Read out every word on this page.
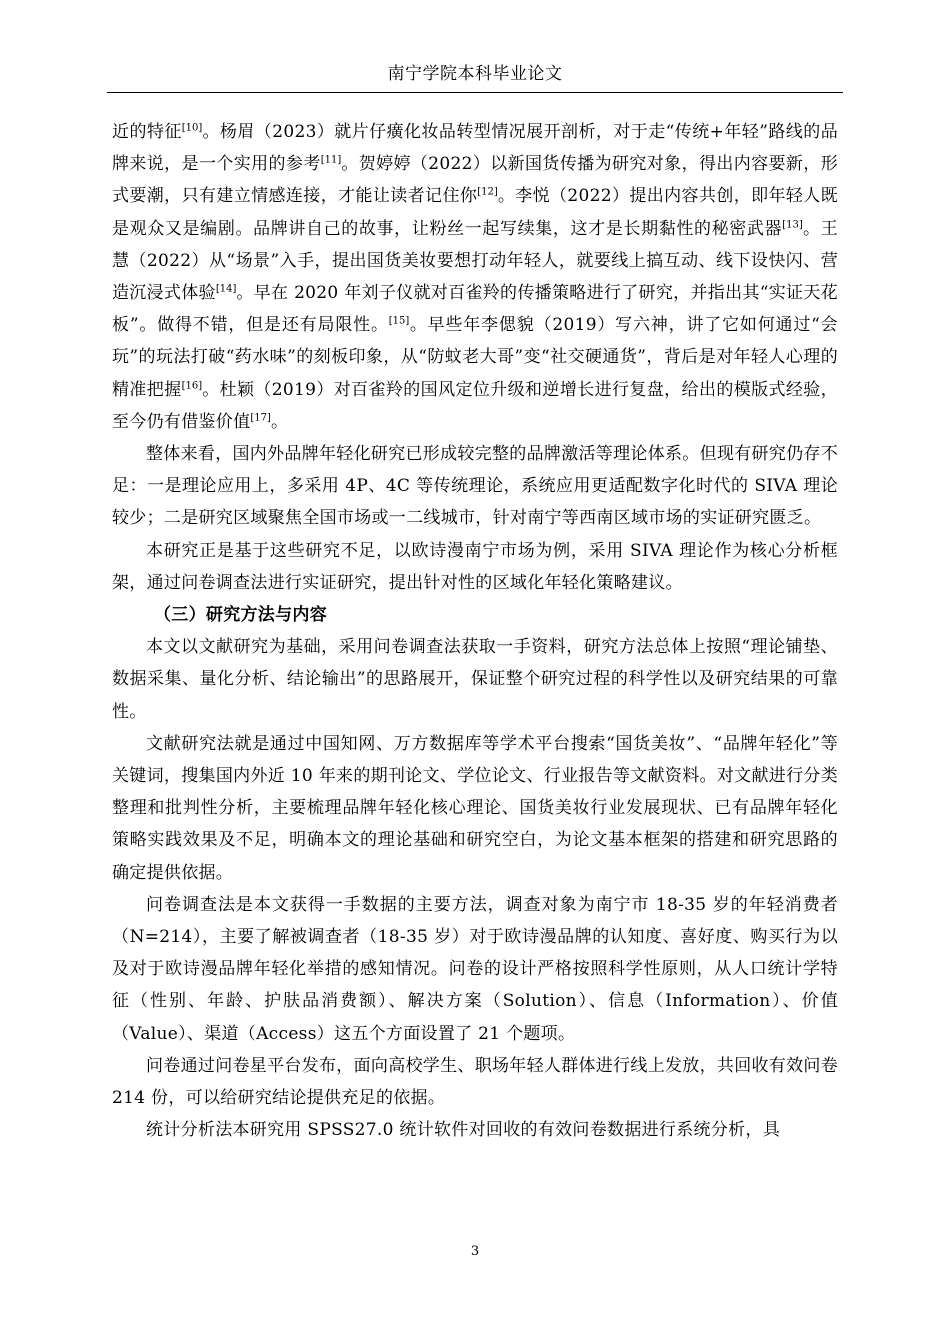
南宁学院本科毕业论文

近的特征[10]。杨眉（2023）就片仔癀化妆品转型情况展开剖析，对于走“传统+年轻”路线的品牌来说，是一个实用的参考[11]。贺婷婷（2022）以新国货传播为研究对象，得出内容要新，形式要潮，只有建立情感连接，才能让读者记住你[12]。李悦（2022）提出内容共创，即年轻人既是观众又是编剧。品牌讲自己的故事，让粉丝一起写续集，这才是长期黏性的秘密武器[13]。王慧（2022）从“场景”入手，提出国货美妆要想打动年轻人，就要线上搞互动、线下设快闪、营造沉浸式体验[14]。早在 2020 年刘子仪就对百雀羚的传播策略进行了研究，并指出其“实证天花板”。做得不错，但是还有局限性。[15]。早些年李偲貌（2019）写六神，讲了它如何通过“会玩”的玩法打破“药水味”的刻板印象，从“防蚊老大哥”变“社交硬通货”，背后是对年轻人心理的精准把握[16]。杜颖（2019）对百雀羚的国风定位升级和逆增长进行复盘，给出的模版式经验，至今仍有借鉴价值[17]。

整体来看，国内外品牌年轻化研究已形成较完整的品牌激活等理论体系。但现有研究仍存不足：一是理论应用上，多采用 4P、4C 等传统理论，系统应用更适配数字化时代的 SIVA 理论较少；二是研究区域聚焦全国市场或一二线城市，针对南宁等西南区域市场的实证研究匮乏。

本研究正是基于这些研究不足，以欧诗漫南宁市场为例，采用 SIVA 理论作为核心分析框架，通过问卷调查法进行实证研究，提出针对性的区域化年轻化策略建议。

（三）研究方法与内容

本文以文献研究为基础，采用问卷调查法获取一手资料，研究方法总体上按照“理论铺垫、数据采集、量化分析、结论输出”的思路展开，保证整个研究过程的科学性以及研究结果的可靠性。

文献研究法就是通过中国知网、万方数据库等学术平台搜索“国货美妆”、“品牌年轻化”等关键词，搜集国内外近 10 年来的期刊论文、学位论文、行业报告等文献资料。对文献进行分类整理和批判性分析，主要梳理品牌年轻化核心理论、国货美妆行业发展现状、已有品牌年轻化策略实践效果及不足，明确本文的理论基础和研究空白，为论文基本框架的搭建和研究思路的确定提供依据。

问卷调查法是本文获得一手数据的主要方法，调查对象为南宁市 18-35 岁的年轻消费者（N=214），主要了解被调查者（18-35 岁）对于欧诗漫品牌的认知度、喜好度、购买行为以及对于欧诗漫品牌年轻化举措的感知情况。问卷的设计严格按照科学性原则，从人口统计学特征（性别、年龄、护肤品消费额）、解决方案（Solution）、信息（Information）、价值（Value）、渠道（Access）这五个方面设置了 21 个题项。

问卷通过问卷星平台发布，面向高校学生、职场年轻人群体进行线上发放，共回收有效问卷 214 份，可以给研究结论提供充足的依据。

统计分析法本研究用 SPSS27.0 统计软件对回收的有效问卷数据进行系统分析，具

3
